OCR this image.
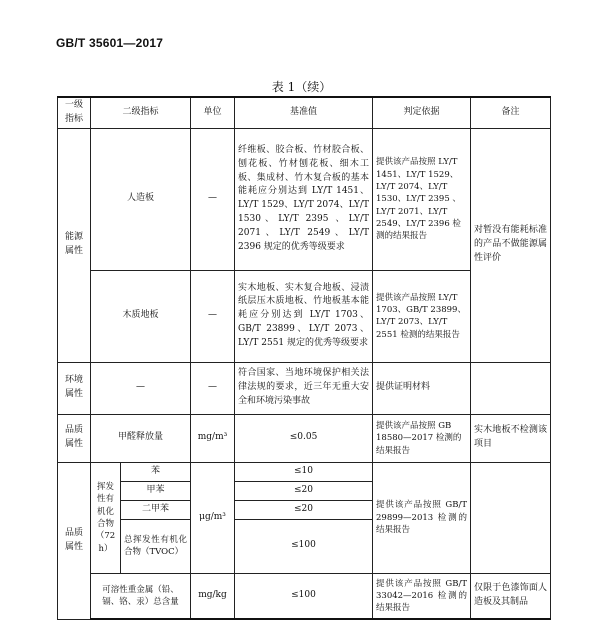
GB/T 35601—2017
表 1（续）
一级指标	二级指标		单位	基准值	判定依据	备注
能源属性	人造板		—	纤维板、胶合板、竹材胶合板、刨花板、竹材刨花板、细木工板、集成材、竹木复合板的基本能耗应分别达到 LY/T 1451、LY/T 1529、LY/T 2074、LY/T 1530、LY/T 2395 、LY/T 2071、LY/T 2549、LY/T 2396 规定的优秀等级要求	提供该产品按照 LY/T 1451、LY/T 1529、LY/T 2074、LY/T 1530、LY/T 2395 、LY/T 2071、LY/T 2549、LY/T 2396 检测的结果报告	对暂没有能耗标准的产品不做能源属性评价
	木质地板		—	实木地板、实木复合地板、浸渍纸层压木质地板、竹地板基本能耗应分别达到 LY/T 1703、GB/T 23899、LY/T 2073、LY/T 2551 规定的优秀等级要求	提供该产品按照 LY/T 1703、GB/T 23899、LY/T 2073、LY/T 2551 检测的结果报告	
环境属性	—		—	符合国家、当地环境保护相关法律法规的要求，近三年无重大安全和环境污染事故	提供证明材料	
品质属性	甲醛释放量		mg/m³	≤0.05	提供该产品按照 GB 18580—2017 检测的结果报告	实木地板不检测该项目
品质属性	挥发性有机化合物（72 h）	苯	μg/m³	≤10	提供该产品按照 GB/T 29899—2013 检测的结果报告	
		甲苯		≤20		
		二甲苯		≤20		
		总挥发性有机化合物（TVOC）		≤100		
	可溶性重金属（铅、镉、铬、汞）总含量		mg/kg	≤100	提供该产品按照 GB/T 33042—2016 检测的结果报告	仅限于色漆饰面人造板及其制品
